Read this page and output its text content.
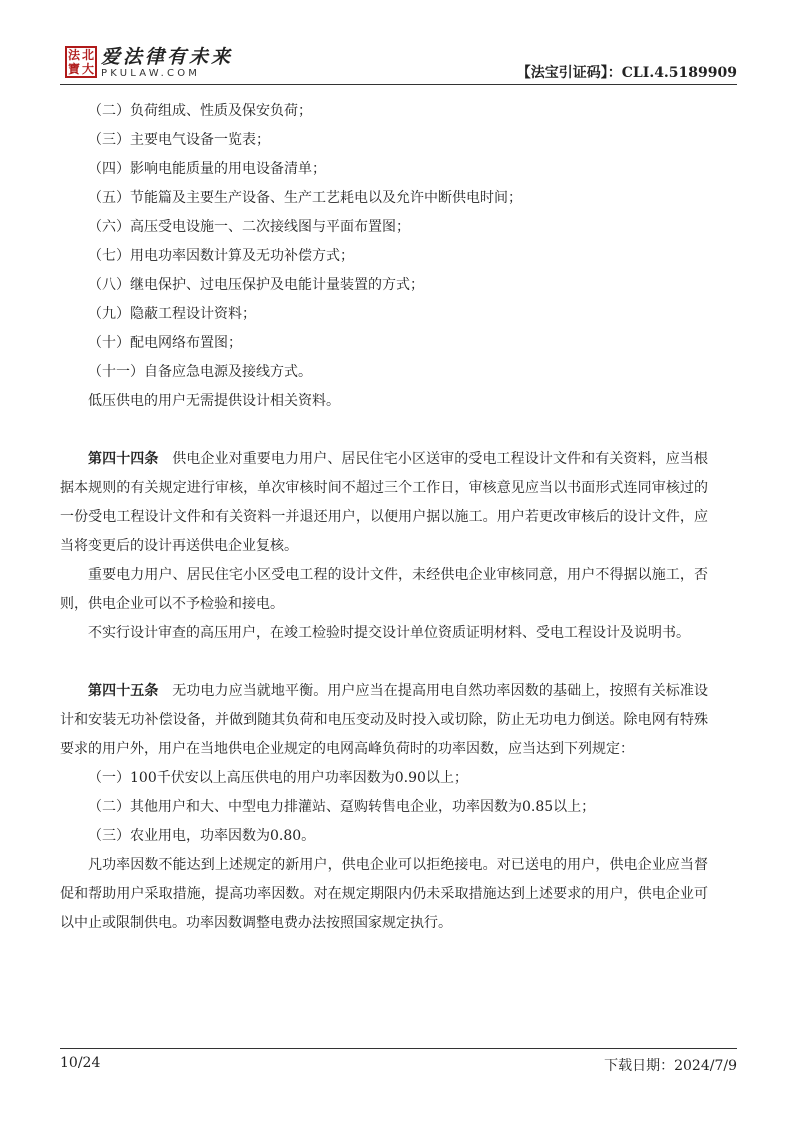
法 北
寶 大
爱法律有未来
PKULAW.COM	【法宝引证码】：CLI.4.5189909

（二）负荷组成、性质及保安负荷；

（三）主要电气设备一览表；

（四）影响电能质量的用电设备清单；

（五）节能篇及主要生产设备、生产工艺耗电以及允许中断供电时间；

（六）高压受电设施一、二次接线图与平面布置图；

（七）用电功率因数计算及无功补偿方式；

（八）继电保护、过电压保护及电能计量装置的方式；

（九）隐蔽工程设计资料；

（十）配电网络布置图；

（十一）自备应急电源及接线方式。

低压供电的用户无需提供设计相关资料。

第四十四条 供电企业对重要电力用户、居民住宅小区送审的受电工程设计文件和有关资料，应当根据本规则的有关规定进行审核，单次审核时间不超过三个工作日，审核意见应当以书面形式连同审核过的一份受电工程设计文件和有关资料一并退还用户，以便用户据以施工。用户若更改审核后的设计文件，应当将变更后的设计再送供电企业复核。

重要电力用户、居民住宅小区受电工程的设计文件，未经供电企业审核同意，用户不得据以施工，否则，供电企业可以不予检验和接电。

不实行设计审查的高压用户，在竣工检验时提交设计单位资质证明材料、受电工程设计及说明书。

第四十五条 无功电力应当就地平衡。用户应当在提高用电自然功率因数的基础上，按照有关标准设计和安装无功补偿设备，并做到随其负荷和电压变动及时投入或切除，防止无功电力倒送。除电网有特殊要求的用户外，用户在当地供电企业规定的电网高峰负荷时的功率因数，应当达到下列规定：

（一）100千伏安以上高压供电的用户功率因数为0.90以上；

（二）其他用户和大、中型电力排灌站、趸购转售电企业，功率因数为0.85以上；

（三）农业用电，功率因数为0.80。

凡功率因数不能达到上述规定的新用户，供电企业可以拒绝接电。对已送电的用户，供电企业应当督促和帮助用户采取措施，提高功率因数。对在规定期限内仍未采取措施达到上述要求的用户，供电企业可以中止或限制供电。功率因数调整电费办法按照国家规定执行。

10/24	下载日期：2024/7/9
